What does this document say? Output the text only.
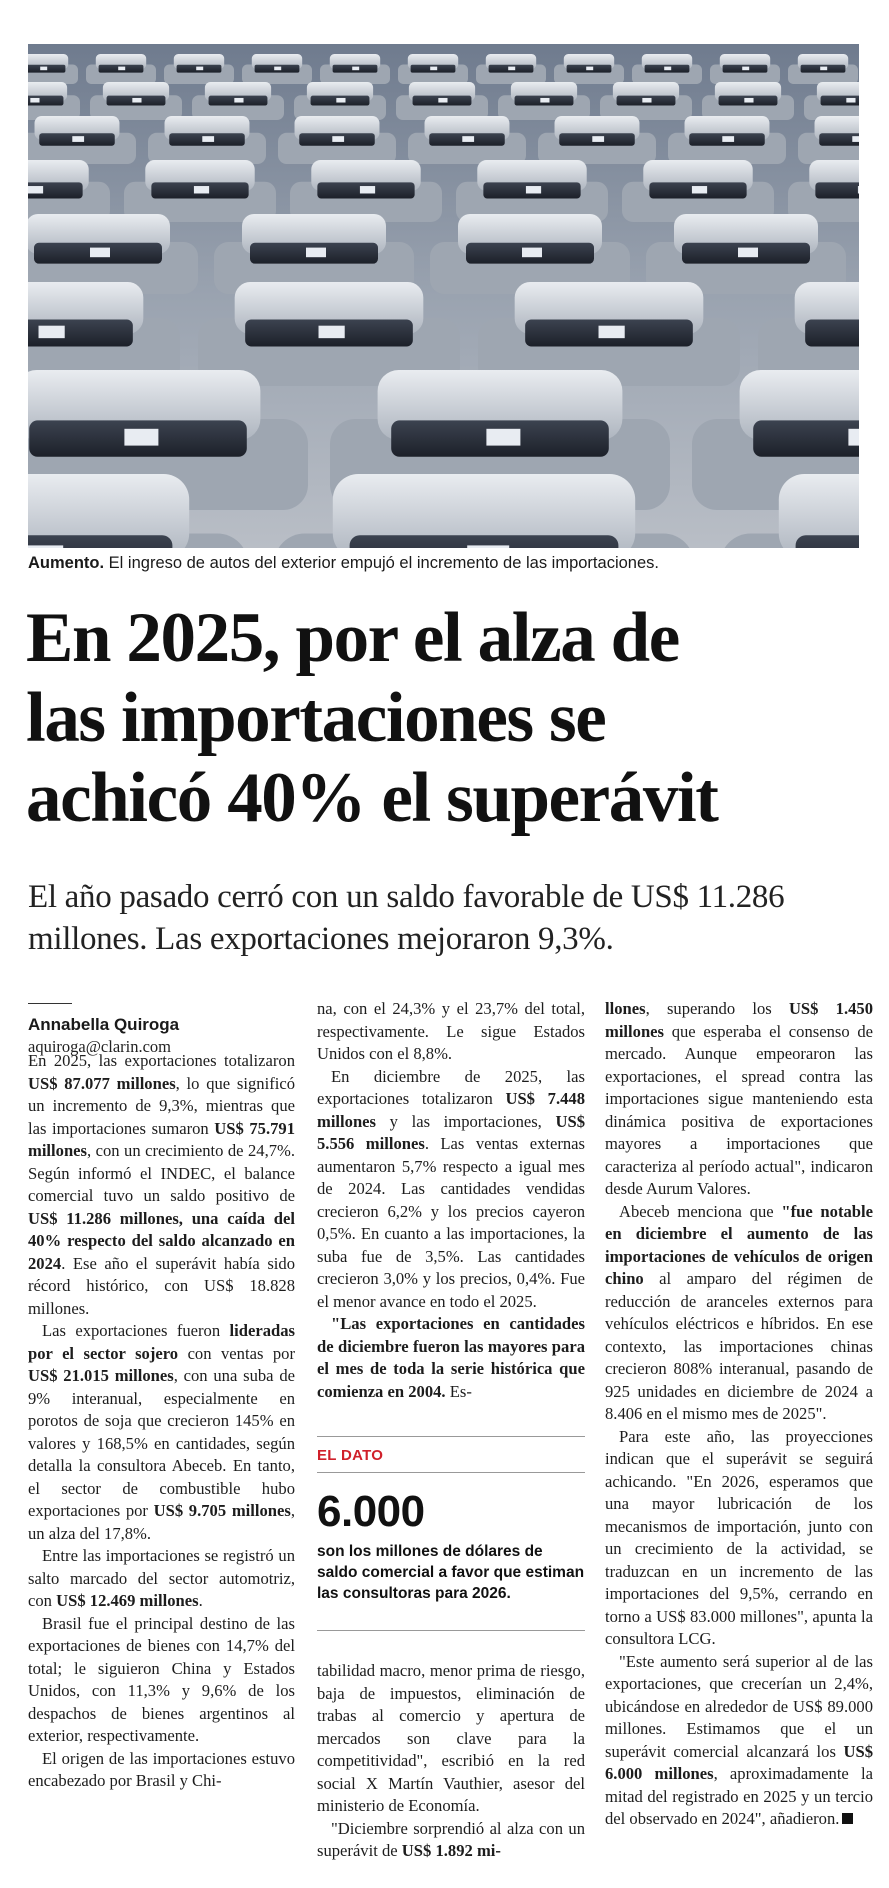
Aumento. El ingreso de autos del exterior empujó el incremento de las importaciones.
En 2025, por el alza de
las importaciones se
achicó 40% el superávit
El año pasado cerró con un saldo favorable de US$ 11.286
millones. Las exportaciones mejoraron 9,3%.
Annabella Quiroga
aquiroga@clarin.com

En 2025, las exportaciones totalizaron US$ 87.077 millones, lo que significó un incremento de 9,3%, mientras que las importaciones sumaron US$ 75.791 millones, con un crecimiento de 24,7%. Según informó el INDEC, el balance comercial tuvo un saldo positivo de US$ 11.286 millones, una caída del 40% respecto del saldo alcanzado en 2024. Ese año el superávit había sido récord histórico, con US$ 18.828 millones.

Las exportaciones fueron lideradas por el sector sojero con ventas por US$ 21.015 millones, con una suba de 9% interanual, especialmente en porotos de soja que crecieron 145% en valores y 168,5% en cantidades, según detalla la consultora Abeceb. En tanto, el sector de combustible hubo exportaciones por US$ 9.705 millones, un alza del 17,8%.

Entre las importaciones se registró un salto marcado del sector automotriz, con US$ 12.469 millones.

Brasil fue el principal destino de las exportaciones de bienes con 14,7% del total; le siguieron China y Estados Unidos, con 11,3% y 9,6% de los despachos de bienes argentinos al exterior, respectivamente.

El origen de las importaciones estuvo encabezado por Brasil y Chi-

na, con el 24,3% y el 23,7% del total, respectivamente. Le sigue Estados Unidos con el 8,8%.

En diciembre de 2025, las exportaciones totalizaron US$ 7.448 millones y las importaciones, US$ 5.556 millones. Las ventas externas aumentaron 5,7% respecto a igual mes de 2024. Las cantidades vendidas crecieron 6,2% y los precios cayeron 0,5%. En cuanto a las importaciones, la suba fue de 3,5%. Las cantidades crecieron 3,0% y los precios, 0,4%. Fue el menor avance en todo el 2025.

"Las exportaciones en cantidades de diciembre fueron las mayores para el mes de toda la serie histórica que comienza en 2004. Es-

EL DATO
6.000
son los millones de dólares de saldo comercial a favor que estiman las consultoras para 2026.

tabilidad macro, menor prima de riesgo, baja de impuestos, eliminación de trabas al comercio y apertura de mercados son clave para la competitividad", escribió en la red social X Martín Vauthier, asesor del ministerio de Economía.

"Diciembre sorprendió al alza con un superávit de US$ 1.892 mi-

llones, superando los US$ 1.450 millones que esperaba el consenso de mercado. Aunque empeoraron las exportaciones, el spread contra las importaciones sigue manteniendo esta dinámica positiva de exportaciones mayores a importaciones que caracteriza al período actual", indicaron desde Aurum Valores.

Abeceb menciona que "fue notable en diciembre el aumento de las importaciones de vehículos de origen chino al amparo del régimen de reducción de aranceles externos para vehículos eléctricos e híbridos. En ese contexto, las importaciones chinas crecieron 808% interanual, pasando de 925 unidades en diciembre de 2024 a 8.406 en el mismo mes de 2025".

Para este año, las proyecciones indican que el superávit se seguirá achicando. "En 2026, esperamos que una mayor lubricación de los mecanismos de importación, junto con un crecimiento de la actividad, se traduzcan en un incremento de las importaciones del 9,5%, cerrando en torno a US$ 83.000 millones", apunta la consultora LCG.

"Este aumento será superior al de las exportaciones, que crecerían un 2,4%, ubicándose en alrededor de US$ 89.000 millones. Estimamos que el un superávit comercial alcanzará los US$ 6.000 millones, aproximadamente la mitad del registrado en 2025 y un tercio del observado en 2024", añadieron.
